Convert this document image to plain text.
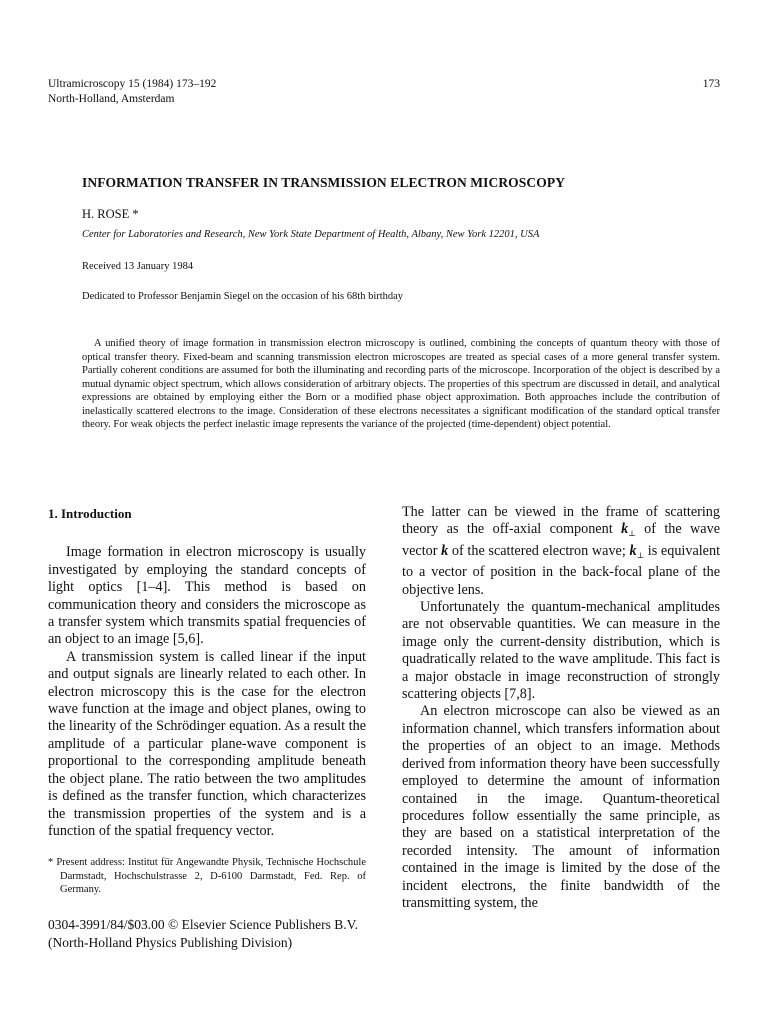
Ultramicroscopy 15 (1984) 173–192
North-Holland, Amsterdam
173
INFORMATION TRANSFER IN TRANSMISSION ELECTRON MICROSCOPY
H. ROSE *
Center for Laboratories and Research, New York State Department of Health, Albany, New York 12201, USA
Received 13 January 1984
Dedicated to Professor Benjamin Siegel on the occasion of his 68th birthday
A unified theory of image formation in transmission electron microscopy is outlined, combining the concepts of quantum theory with those of optical transfer theory. Fixed-beam and scanning transmission electron microscopes are treated as special cases of a more general transfer system. Partially coherent conditions are assumed for both the illuminating and recording parts of the microscope. Incorporation of the object is described by a mutual dynamic object spectrum, which allows consideration of arbitrary objects. The properties of this spectrum are discussed in detail, and analytical expressions are obtained by employing either the Born or a modified phase object approximation. Both approaches include the contribution of inelastically scattered electrons to the image. Consideration of these electrons necessitates a significant modification of the standard optical transfer theory. For weak objects the perfect inelastic image represents the variance of the projected (time-dependent) object potential.
1. Introduction

Image formation in electron microscopy is usually investigated by employing the standard concepts of light optics [1–4]. This method is based on communication theory and considers the microscope as a transfer system which transmits spatial frequencies of an object to an image [5,6].

A transmission system is called linear if the input and output signals are linearly related to each other. In electron microscopy this is the case for the electron wave function at the image and object planes, owing to the linearity of the Schrödinger equation. As a result the amplitude of a particular plane-wave component is proportional to the corresponding amplitude beneath the object plane. The ratio between the two amplitudes is defined as the transfer function, which characterizes the transmission properties of the system and is a function of the spatial frequency vector.

* Present address: Institut für Angewandte Physik, Technische Hochschule Darmstadt, Hochschulstrasse 2, D-6100 Darmstadt, Fed. Rep. of Germany.

The latter can be viewed in the frame of scattering theory as the off-axial component $k_\perp$ of the wave vector k of the scattered electron wave; $k_\perp$ is equivalent to a vector of position in the back-focal plane of the objective lens.

Unfortunately the quantum-mechanical amplitudes are not observable quantities. We can measure in the image only the current-density distribution, which is quadratically related to the wave amplitude. This fact is a major obstacle in image reconstruction of strongly scattering objects [7,8].

An electron microscope can also be viewed as an information channel, which transfers information about the properties of an object to an image. Methods derived from information theory have been successfully employed to determine the amount of information contained in the image. Quantum-theoretical procedures follow essentially the same principle, as they are based on a statistical interpretation of the recorded intensity. The amount of information contained in the image is limited by the dose of the incident electrons, the finite bandwidth of the transmitting system, the

0304-3991/84/$03.00 © Elsevier Science Publishers B.V.
(North-Holland Physics Publishing Division)
